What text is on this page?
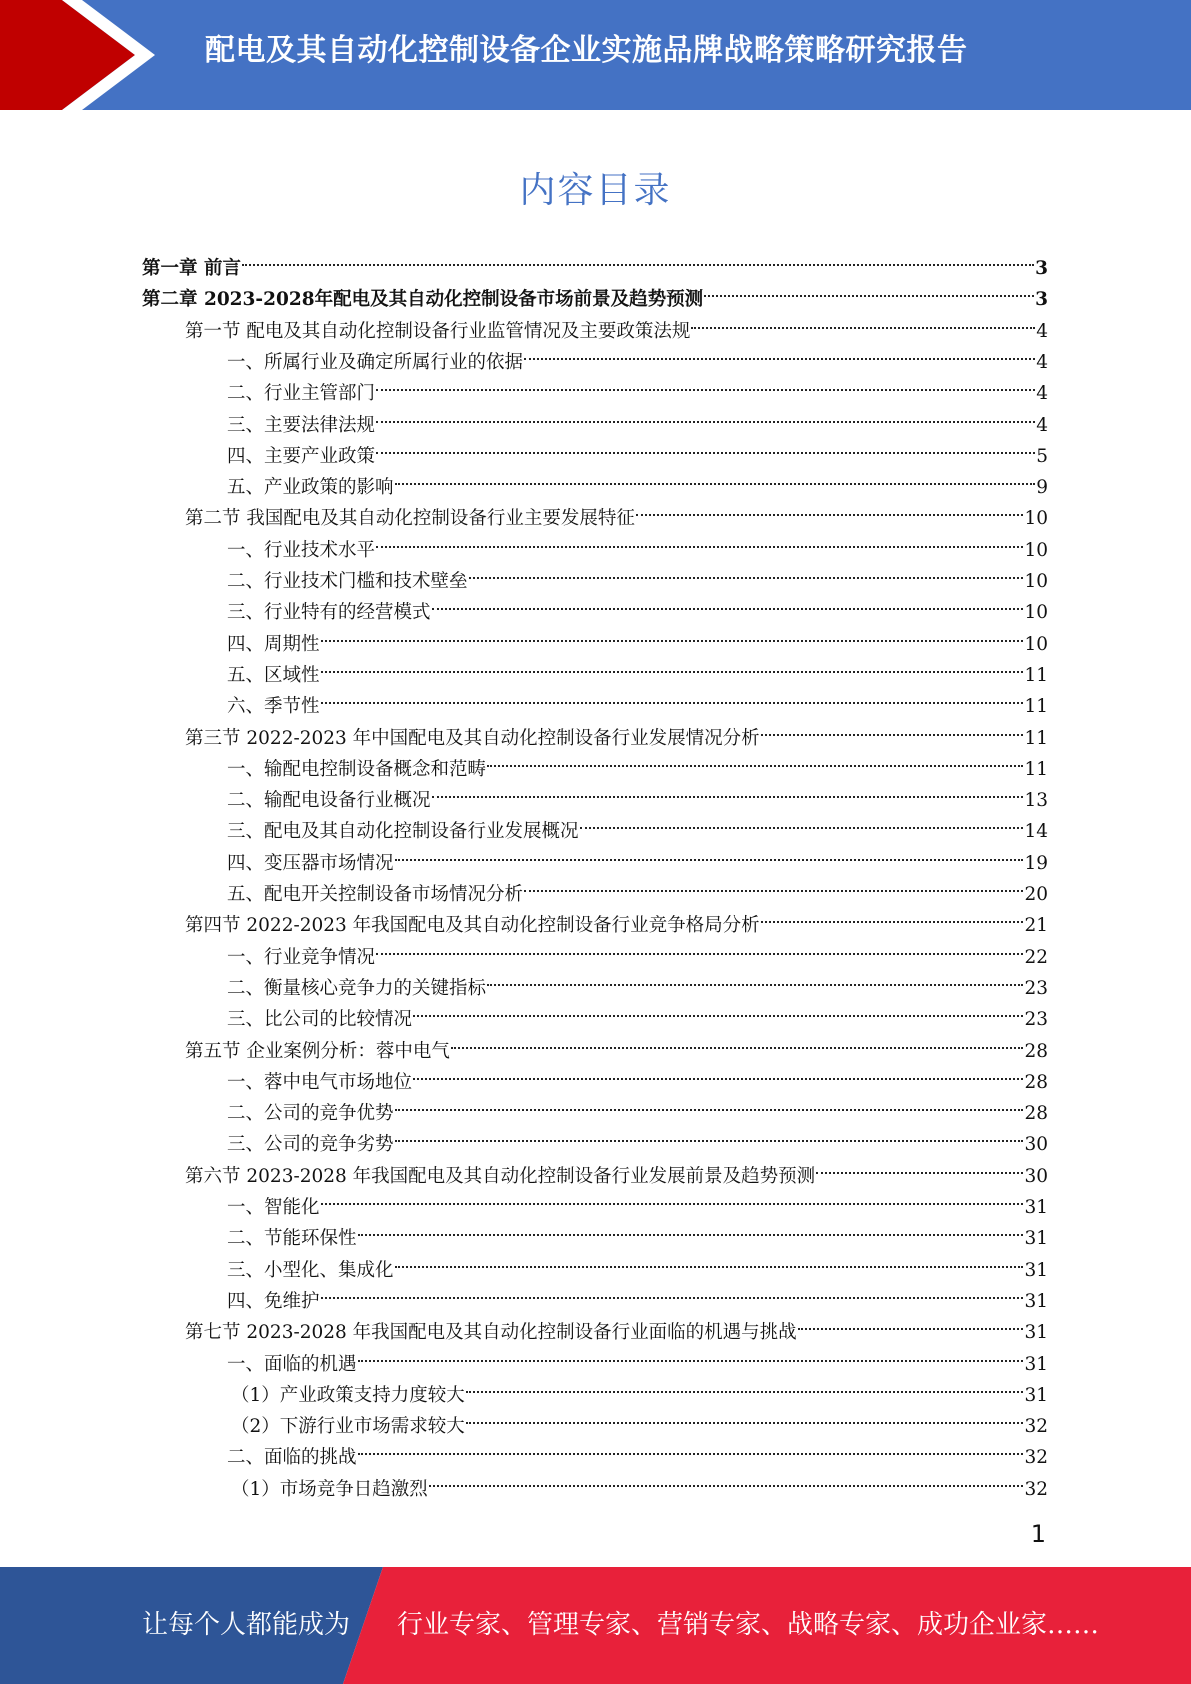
配电及其自动化控制设备企业实施品牌战略策略研究报告
内容目录
第一章 前言	3
第二章 2023-2028年配电及其自动化控制设备市场前景及趋势预测	3
第一节 配电及其自动化控制设备行业监管情况及主要政策法规	4
一、所属行业及确定所属行业的依据	4
二、行业主管部门	4
三、主要法律法规	4
四、主要产业政策	5
五、产业政策的影响	9
第二节 我国配电及其自动化控制设备行业主要发展特征	10
一、行业技术水平	10
二、行业技术门槛和技术壁垒	10
三、行业特有的经营模式	10
四、周期性	10
五、区域性	11
六、季节性	11
第三节 2022-2023 年中国配电及其自动化控制设备行业发展情况分析	11
一、输配电控制设备概念和范畴	11
二、输配电设备行业概况	13
三、配电及其自动化控制设备行业发展概况	14
四、变压器市场情况	19
五、配电开关控制设备市场情况分析	20
第四节 2022-2023 年我国配电及其自动化控制设备行业竞争格局分析	21
一、行业竞争情况	22
二、衡量核心竞争力的关键指标	23
三、比公司的比较情况	23
第五节 企业案例分析：蓉中电气	28
一、蓉中电气市场地位	28
二、公司的竞争优势	28
三、公司的竞争劣势	30
第六节 2023-2028 年我国配电及其自动化控制设备行业发展前景及趋势预测	30
一、智能化	31
二、节能环保性	31
三、小型化、集成化	31
四、免维护	31
第七节 2023-2028 年我国配电及其自动化控制设备行业面临的机遇与挑战	31
一、面临的机遇	31
（1）产业政策支持力度较大	31
（2）下游行业市场需求较大	32
二、面临的挑战	32
（1）市场竞争日趋激烈	32
1
让每个人都能成为 行业专家、管理专家、营销专家、战略专家、成功企业家……
